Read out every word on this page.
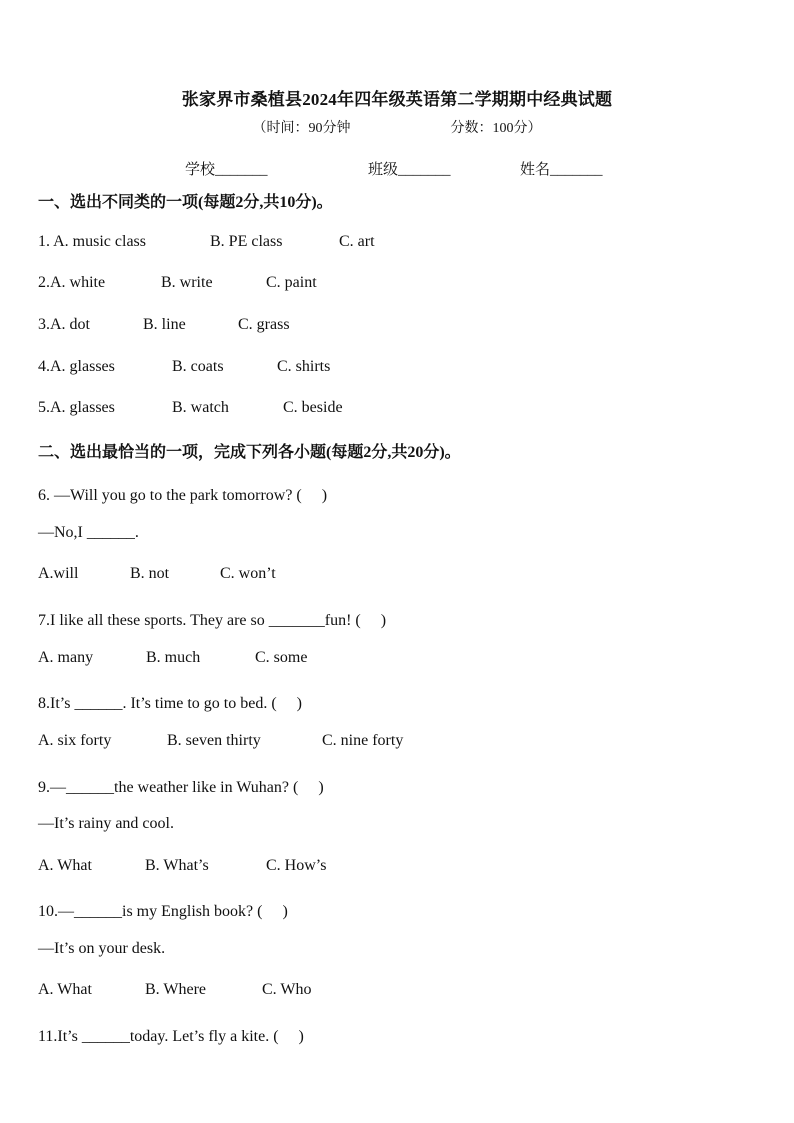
张家界市桑植县2024年四年级英语第二学期期中经典试题
（时间：90分钟	分数：100分）
学校_______	班级_______	姓名_______
一、选出不同类的一项(每题2分,共10分)。
1. A. music class	B. PE class	C. art
2.A. white	B. write	C. paint
3.A. dot	B. line	C. grass
4.A. glasses	B. coats	C. shirts
5.A. glasses	B. watch	C. beside
二、选出最恰当的一项，完成下列各小题(每题2分,共20分)。
6. —Will you go to the park tomorrow? (　 )
—No,I ______.
A.will	B. not	C. won’t
7.I like all these sports. They are so _______fun! (　 )
A. many	B. much	C. some
8.It’s ______. It’s time to go to bed. (　 )
A. six forty	B. seven thirty	C. nine forty
9.—______the weather like in Wuhan? (　 )
—It’s rainy and cool.
A. What	B. What’s	C. How’s
10.—______is my English book? (　 )
—It’s on your desk.
A. What	B. Where	C. Who
11.It’s ______today. Let’s fly a kite. (　 )
